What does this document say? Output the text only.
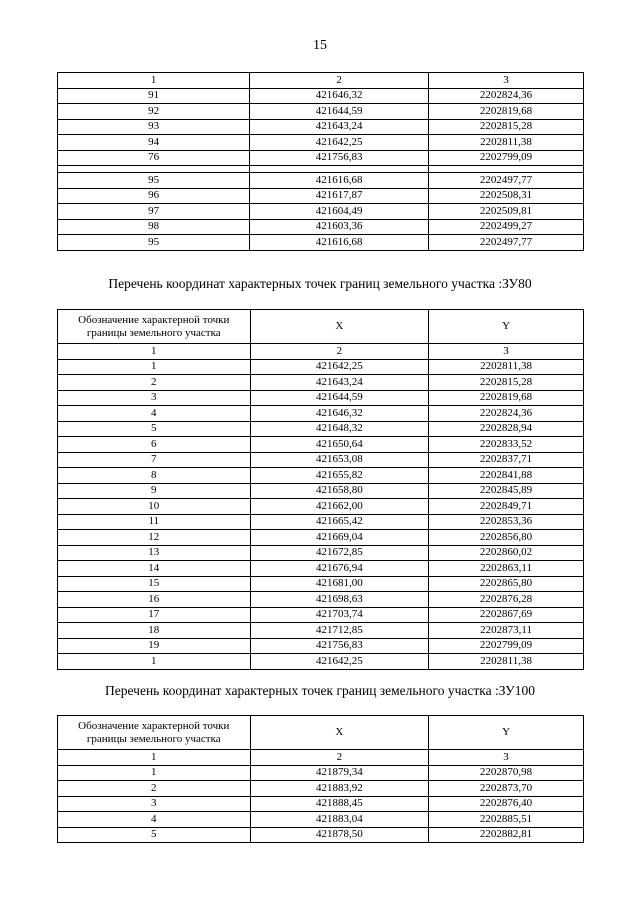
15
1	2	3
91	421646,32	2202824,36
92	421644,59	2202819,68
93	421643,24	2202815,28
94	421642,25	2202811,38
76	421756,83	2202799,09

95	421616,68	2202497,77
96	421617,87	2202508,31
97	421604,49	2202509,81
98	421603,36	2202499,27
95	421616,68	2202497,77
Перечень координат характерных точек границ земельного участка :ЗУ80
Обозначение характерной точки границы земельного участка	X	Y
1	2	3
1	421642,25	2202811,38
2	421643,24	2202815,28
3	421644,59	2202819,68
4	421646,32	2202824,36
5	421648,32	2202828,94
6	421650,64	2202833,52
7	421653,08	2202837,71
8	421655,82	2202841,88
9	421658,80	2202845,89
10	421662,00	2202849,71
11	421665,42	2202853,36
12	421669,04	2202856,80
13	421672,85	2202860,02
14	421676,94	2202863,11
15	421681,00	2202865,80
16	421698,63	2202876,28
17	421703,74	2202867,69
18	421712,85	2202873,11
19	421756,83	2202799,09
1	421642,25	2202811,38
Перечень координат характерных точек границ земельного участка :ЗУ100
Обозначение характерной точки границы земельного участка	X	Y
1	2	3
1	421879,34	2202870,98
2	421883,92	2202873,70
3	421888,45	2202876,40
4	421883,04	2202885,51
5	421878,50	2202882,81
